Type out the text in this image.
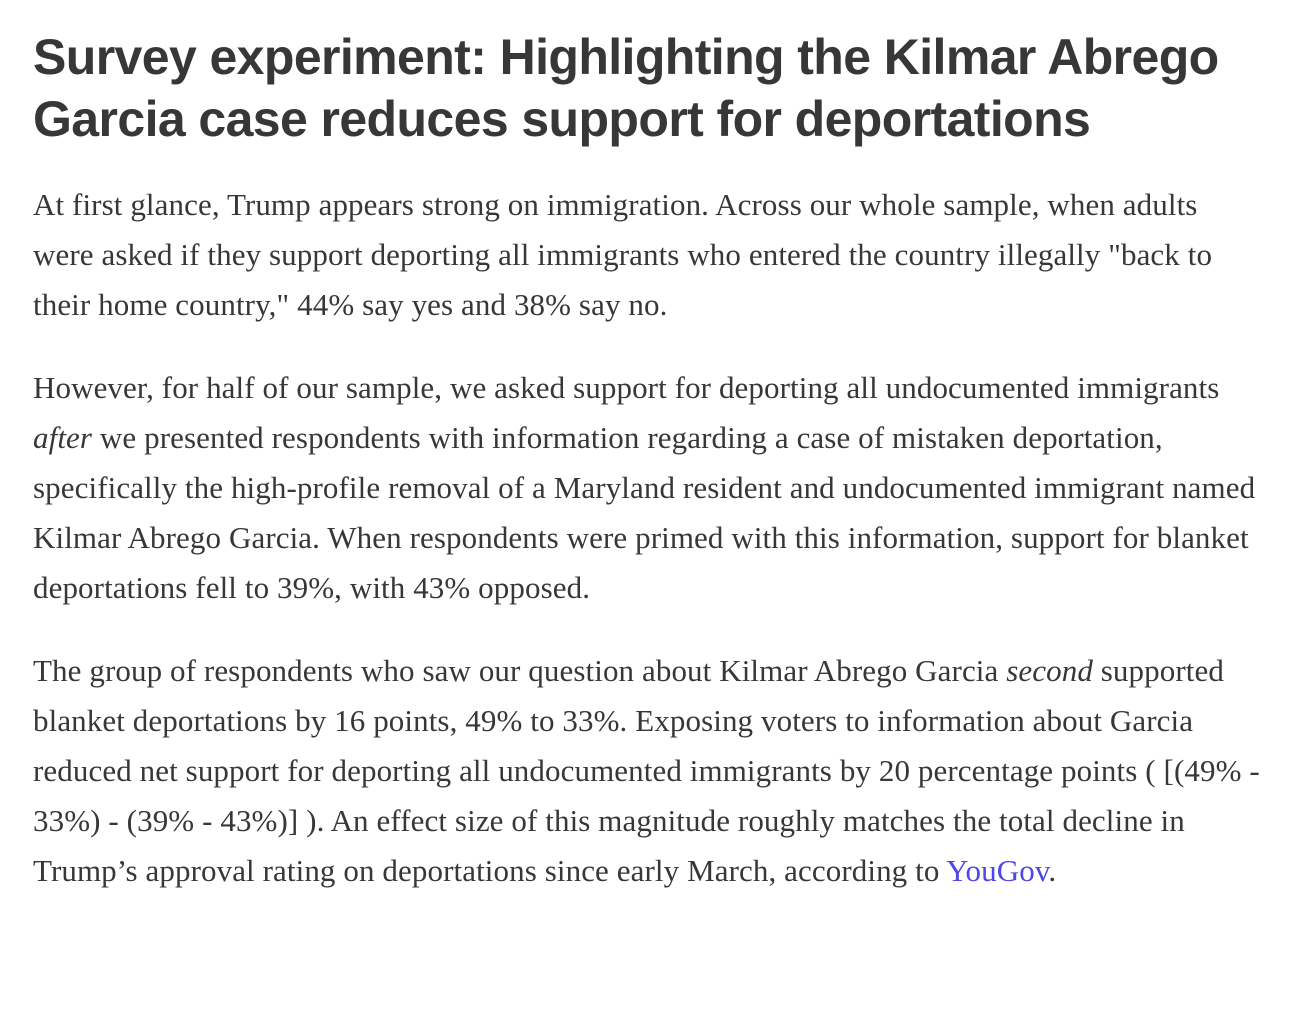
Survey experiment: Highlighting the Kilmar Abrego Garcia case reduces support for deportations

At first glance, Trump appears strong on immigration. Across our whole sample, when adults were asked if they support deporting all immigrants who entered the country illegally "back to their home country," 44% say yes and 38% say no.

However, for half of our sample, we asked support for deporting all undocumented immigrants after we presented respondents with information regarding a case of mistaken deportation, specifically the high-profile removal of a Maryland resident and undocumented immigrant named Kilmar Abrego Garcia. When respondents were primed with this information, support for blanket deportations fell to 39%, with 43% opposed.

The group of respondents who saw our question about Kilmar Abrego Garcia second supported blanket deportations by 16 points, 49% to 33%. Exposing voters to information about Garcia reduced net support for deporting all undocumented immigrants by 20 percentage points ( [(49% - 33%) - (39% - 43%)] ). An effect size of this magnitude roughly matches the total decline in Trump’s approval rating on deportations since early March, according to YouGov.
